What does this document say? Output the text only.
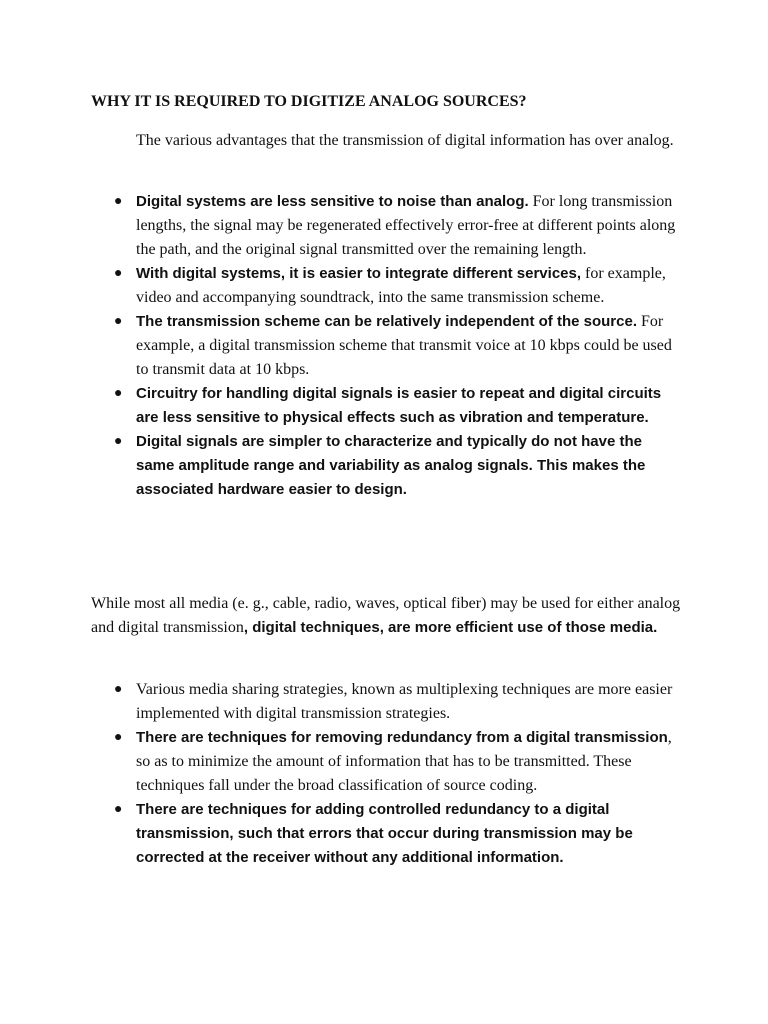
WHY IT IS REQUIRED TO DIGITIZE ANALOG SOURCES?

The various advantages that the transmission of digital information has over analog.

● Digital systems are less sensitive to noise than analog. For long transmission lengths, the signal may be regenerated effectively error-free at different points along the path, and the original signal transmitted over the remaining length.
● With digital systems, it is easier to integrate different services, for example, video and accompanying soundtrack, into the same transmission scheme.
● The transmission scheme can be relatively independent of the source. For example, a digital transmission scheme that transmit voice at 10 kbps could be used to transmit data at 10 kbps.
● Circuitry for handling digital signals is easier to repeat and digital circuits are less sensitive to physical effects such as vibration and temperature.
● Digital signals are simpler to characterize and typically do not have the same amplitude range and variability as analog signals. This makes the associated hardware easier to design.

While most all media (e. g., cable, radio, waves, optical fiber) may be used for either analog and digital transmission, digital techniques, are more efficient use of those media.

● Various media sharing strategies, known as multiplexing techniques are more easier implemented with digital transmission strategies.
● There are techniques for removing redundancy from a digital transmission, so as to minimize the amount of information that has to be transmitted. These techniques fall under the broad classification of source coding.
● There are techniques for adding controlled redundancy to a digital transmission, such that errors that occur during transmission may be corrected at the receiver without any additional information.
